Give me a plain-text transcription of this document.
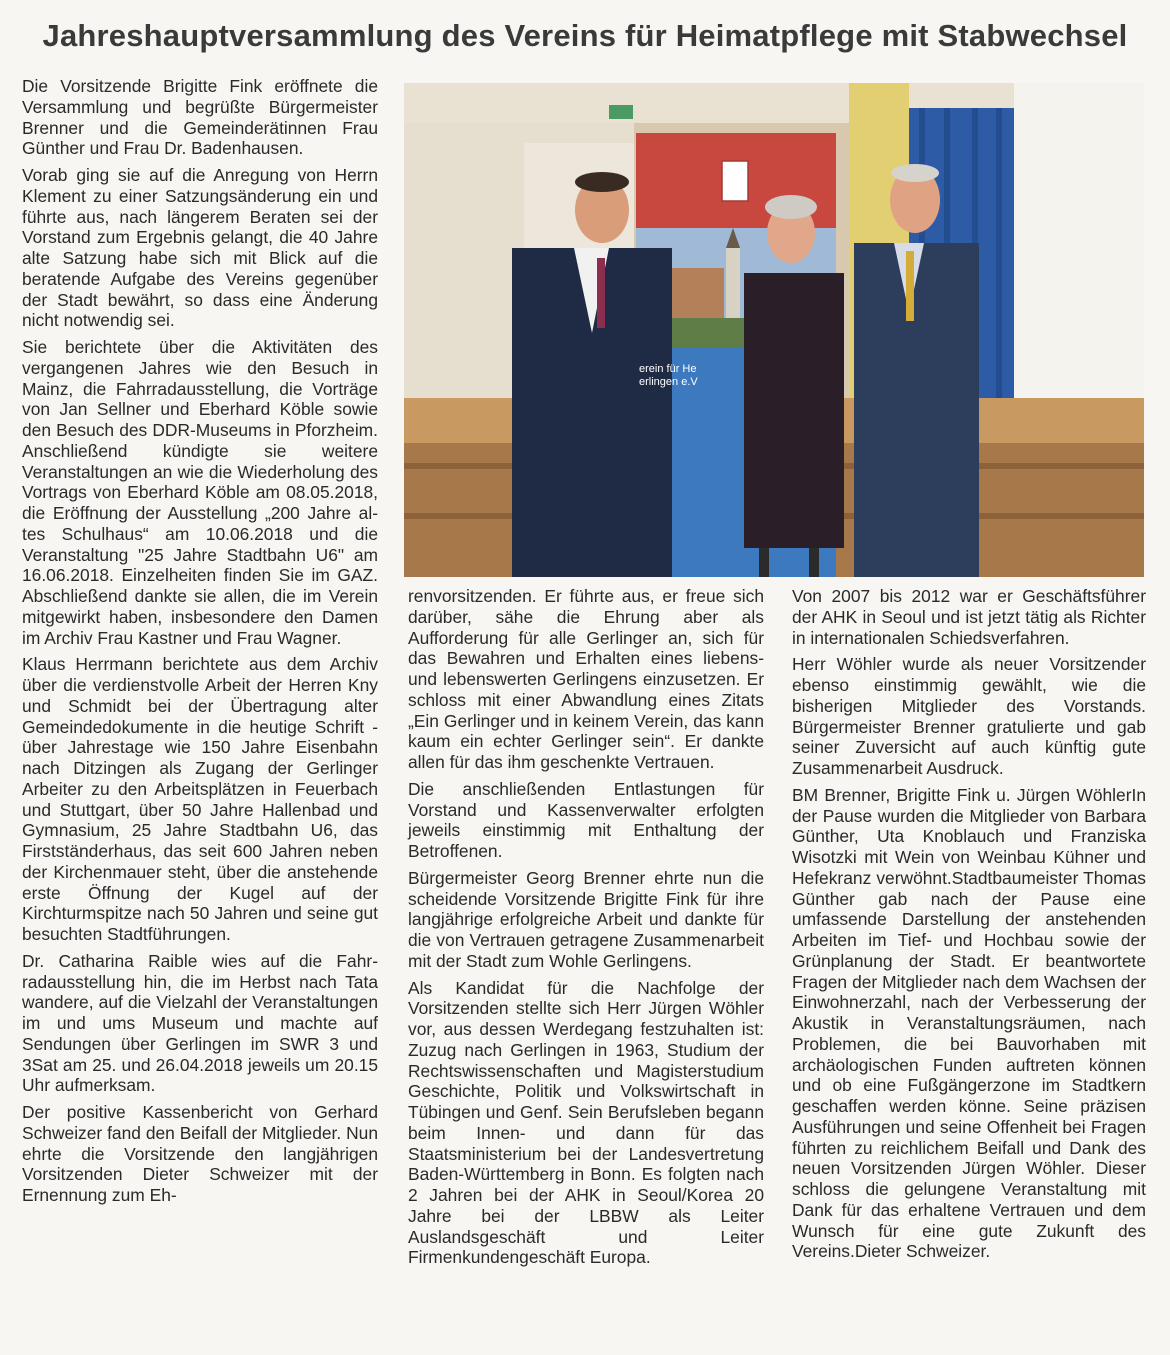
Jahreshauptversammlung des Vereins für Heimatpflege mit Stabwechsel

Die Vorsitzende Brigitte Fink eröffnete die Versammlung und begrüßte Bürgermeister Brenner und die Gemeinderätinnen Frau Günther und Frau Dr. Badenhausen.

Vorab ging sie auf die Anregung von Herrn Klement zu einer Satzungsänderung ein und führte aus, nach längerem Beraten sei der Vorstand zum Ergebnis gelangt, die 40 Jahre alte Satzung habe sich mit Blick auf die beratende Aufgabe des Vereins gegenüber der Stadt bewährt, so dass eine Änderung nicht notwendig sei.

Sie berichtete über die Aktivitäten des vergangenen Jahres wie den Besuch in Mainz, die Fahrradausstellung, die Vorträge von Jan Sellner und Eberhard Köble sowie den Besuch des DDR-Museums in Pforzheim. Anschließend kündigte sie weitere Veranstaltungen an wie die Wiederholung des Vortrags von Eberhard Köble am 08.05.2018, die Eröffnung der Ausstellung „200 Jahre altes Schulhaus“ am 10.06.2018 und die Veranstaltung "25 Jahre Stadtbahn U6" am 16.06.2018. Einzelheiten finden Sie im GAZ. Abschließend dankte sie allen, die im Verein mitgewirkt haben, insbesondere den Damen im Archiv Frau Kastner und Frau Wagner.

Klaus Herrmann berichtete aus dem Archiv über die verdienstvolle Arbeit der Herren Kny und Schmidt bei der Übertragung alter Gemeindedokumente in die heutige Schrift - über Jahrestage wie 150 Jahre Eisenbahn nach Ditzingen als Zugang der Gerlinger Arbeiter zu den Arbeitsplätzen in Feuerbach und Stuttgart, über 50 Jahre Hallenbad und Gymnasium, 25 Jahre Stadtbahn U6, das Firstständerhaus, das seit 600 Jahren neben der Kirchenmauer steht, über die anstehende erste Öffnung der Kugel auf der Kirchturmspitze nach 50 Jahren und seine gut besuchten Stadtführungen.

Dr. Catharina Raible wies auf die Fahrradausstellung hin, die im Herbst nach Tata wandere, auf die Vielzahl der Veranstaltungen im und ums Museum und machte auf Sendungen über Gerlingen im SWR 3 und 3Sat am 25. und 26.04.2018 jeweils um 20.15 Uhr aufmerksam.

Der positive Kassenbericht von Gerhard Schweizer fand den Beifall der Mitglieder. Nun ehrte die Vorsitzende den langjährigen Vorsitzenden Dieter Schweizer mit der Ernennung zum Eh-

erein für He
erlingen e.V

renvorsitzenden. Er führte aus, er freue sich darüber, sähe die Ehrung aber als Aufforderung für alle Gerlinger an, sich für das Bewahren und Erhalten eines liebens- und lebenswerten Gerlingens einzusetzen. Er schloss mit einer Abwandlung eines Zitats „Ein Gerlinger und in keinem Verein, das kann kaum ein echter Gerlinger sein“. Er dankte allen für das ihm geschenkte Vertrauen.

Die anschließenden Entlastungen für Vorstand und Kassenverwalter erfolgten jeweils einstimmig mit Enthaltung der Betroffenen.

Bürgermeister Georg Brenner ehrte nun die scheidende Vorsitzende Brigitte Fink für ihre langjährige erfolgreiche Arbeit und dankte für die von Vertrauen getragene Zusammenarbeit mit der Stadt zum Wohle Gerlingens.

Als Kandidat für die Nachfolge der Vorsitzenden stellte sich Herr Jürgen Wöhler vor, aus dessen Werdegang festzuhalten ist: Zuzug nach Gerlingen in 1963, Studium der Rechtswissenschaften und Magisterstudium Geschichte, Politik und Volkswirtschaft in Tübingen und Genf. Sein Berufsleben begann beim Innen- und dann für das Staatsministerium bei der Landesvertretung Baden-Württemberg in Bonn. Es folgten nach 2 Jahren bei der AHK in Seoul/Korea 20 Jahre bei der LBBW als Leiter Auslandsgeschäft und Leiter Firmenkundengeschäft Europa.

Von 2007 bis 2012 war er Geschäftsführer der AHK in Seoul und ist jetzt tätig als Richter in internationalen Schiedsverfahren.

Herr Wöhler wurde als neuer Vorsitzender ebenso einstimmig gewählt, wie die bisherigen Mitglieder des Vorstands. Bürgermeister Brenner gratulierte und gab seiner Zuversicht auf auch künftig gute Zusammenarbeit Ausdruck.

BM Brenner, Brigitte Fink u. Jürgen WöhlerIn der Pause wurden die Mitglieder von Barbara Günther, Uta Knoblauch und Franziska Wisotzki mit Wein von Weinbau Kühner und Hefekranz verwöhnt.Stadtbaumeister Thomas Günther gab nach der Pause eine umfassende Darstellung der anstehenden Arbeiten im Tief- und Hochbau sowie der Grünplanung der Stadt. Er beantwortete Fragen der Mitglieder nach dem Wachsen der Einwohnerzahl, nach der Verbesserung der Akustik in Veranstaltungsräumen, nach Problemen, die bei Bauvorhaben mit archäologischen Funden auftreten können und ob eine Fußgängerzone im Stadtkern geschaffen werden könne. Seine präzisen Ausführungen und seine Offenheit bei Fragen führten zu reichlichem Beifall und Dank des neuen Vorsitzenden Jürgen Wöhler. Dieser schloss die gelungene Veranstaltung mit Dank für das erhaltene Vertrauen und dem Wunsch für eine gute Zukunft des Vereins.Dieter Schweizer.
